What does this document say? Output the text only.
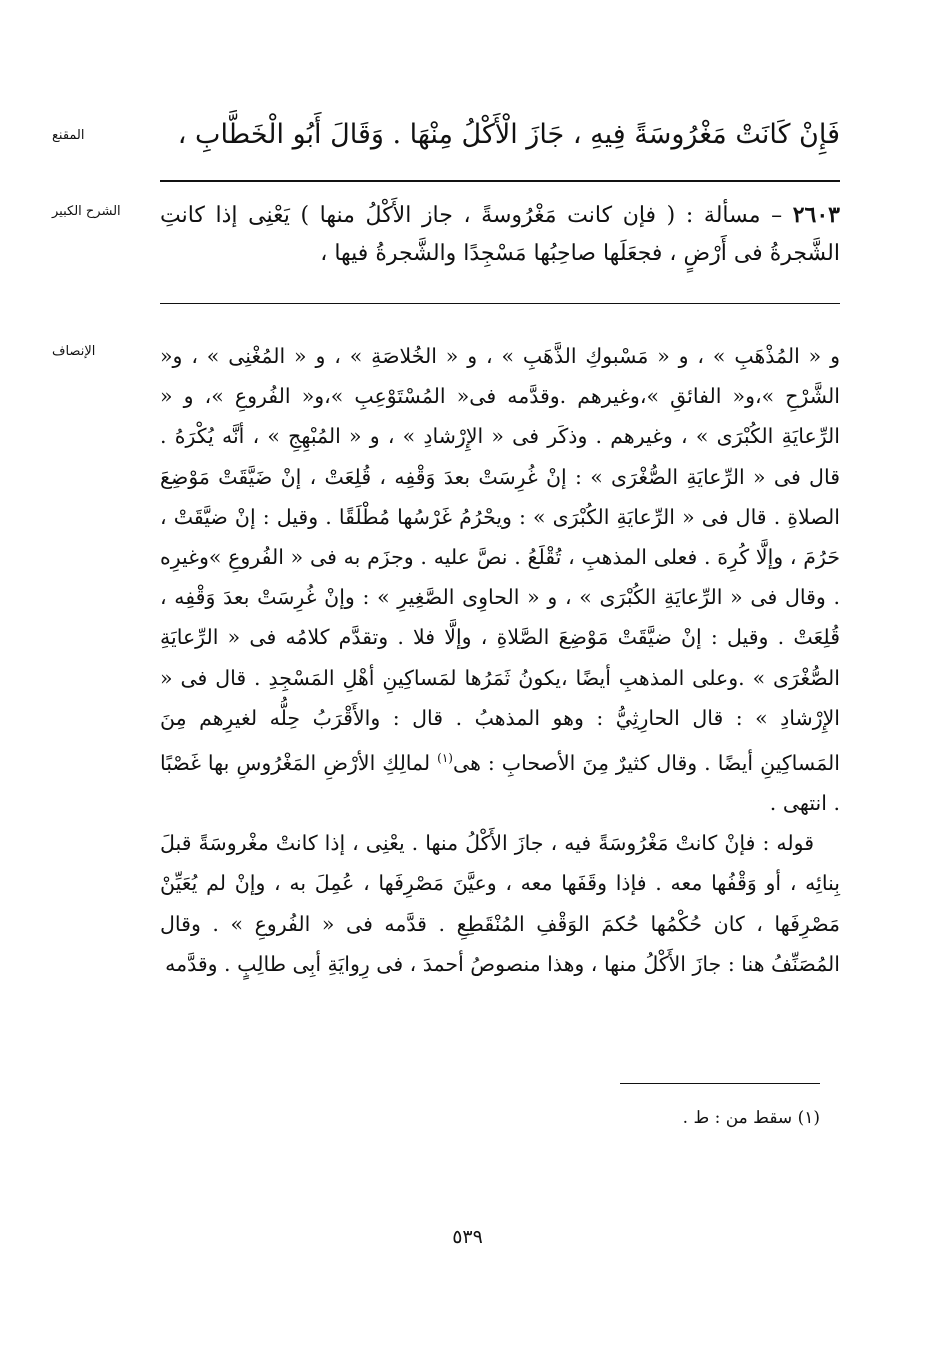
المقنع
الشرح الكبير
الإنصاف
فَإِنْ كَانَتْ مَغْرُوسَةً فِيهِ ، جَازَ الْأَكْلُ مِنْهَا . وَقَالَ أَبُو الْخَطَّابِ ،
٢٦٠٣ – مسألة : ( فإن كانت مَغْرُوسةً ، جاز الأَكْلُ منها ) يَعْنِى إذا كانتِ الشَّجرةُ فى أَرْضٍ ، فجعَلَها صاحِبُها مَسْجِدًا والشَّجرةُ فيها ،

و « المُذْهَبِ » ، و « مَسْبوكِ الذَّهَبِ » ، و « الخُلاصَةِ » ، و « المُغْنِى » ، و« الشَّرْحِ »،و« الفائقِ »،وغيرهم .وقدَّمه فى« المُسْتَوْعِبِ »،و« الفُروعِ »، و « الرِّعايَةِ الكُبْرَى » ، وغيرهم . وذكَر فى « الإِرْشادِ » ، و « المُبْهِجِ » ، أنَّه يُكْرَهُ . قال فى « الرِّعايَةِ الصُّغْرَى » : إنْ غُرِسَتْ بعدَ وَقْفِه ، قُلِعَتْ ، إنْ ضَيَّقَتْ مَوْضِعَ الصلاةِ . قال فى « الرِّعايَةِ الكُبْرَى » : ويحْرُمُ غَرْسُها مُطْلَقًا . وقيل : إنْ ضيَّقَتْ ، حَرُمَ ، وإلَّا كُرِهَ . فعلى المذهبِ ، تُقْلَعُ . نصَّ عليه . وجزَم به فى « الفُروعِ »وغيرِه . وقال فى « الرِّعايَةِ الكُبْرَى » ، و « الحاوِى الصَّغِيرِ » : وإنْ غُرِسَتْ بعدَ وَقْفِه ، قُلِعَتْ . وقيل : إنْ ضيَّقَتْ مَوْضِعَ الصَّلاةِ ، وإلَّا فلا . وتقدَّم كلامُه فى « الرِّعايَةِ الصُّغْرَى » .وعلى المذهبِ أيضًا ،يكونُ ثَمَرُها لمَساكِينِ أهْلِ المَسْجِدِ . قال فى « الإِرْشادِ » : قال الحارِثِيُّ : وهو المذهبُ . قال : والأَقْرَبُ حِلُّه لغيرِهم مِنَ المَساكِينِ أيضًا . وقال كثيرٌ مِنَ الأصحابِ : هى$^{(١)}$ لمالِكِ الأرْضِ المَغْرُوسِ بها غَصْبًا . انتهى .

قوله : فإنْ كانتْ مَغْرُوسَةً فيه ، جازَ الأَكْلُ منها . يعْنِى ، إذا كانتْ مغْروسَةً قبلَ بِنائِه ، أو وَقْفُها معه . فإذا وقَفَها معه ، وعيَّنَ مَصْرِفَها ، عُمِلَ به ، وإنْ لم يُعَيِّنْ مَصْرِفَها ، كان حُكْمُها حُكمَ الوَقْفِ المُنْقَطِعِ . قدَّمه فى « الفُروعِ » . وقال المُصَنِّفُ هنا : جازَ الأَكْلُ منها ، وهذا منصوصُ أحمدَ ، فى رِوايَةِ أبِى طالِبٍ . وقدَّمه

(١) سقط من : ط .
٥٣٩
